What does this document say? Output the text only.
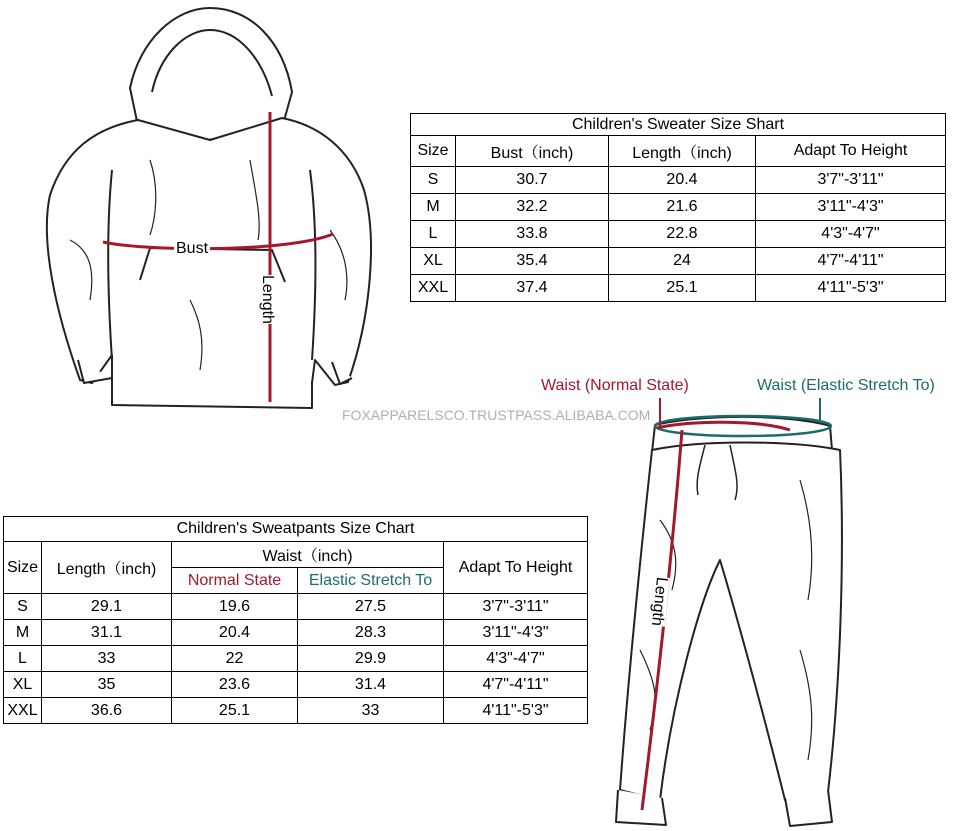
Bust
Length
FOXAPPARELSCO.TRUSTPASS.ALIBABA.COM
Waist (Normal State)	Waist (Elastic Stretch To)
Length
Children's Sweater Size Shart			
Size	Bust（inch)	Length（inch)	Adapt To Height
S	30.7	20.4	3'7"-3'11"
M	32.2	21.6	3'11"-4'3"
L	33.8	22.8	4'3"-4'7"
XL	35.4	24	4'7"-4'11"
XXL	37.4	25.1	4'11"-5'3"
Children's Sweatpants Size Chart				
Size	Length（inch)	Waist（inch)		Adapt To Height
		Normal State	Elastic Stretch To	
S	29.1	19.6	27.5	3'7"-3'11"
M	31.1	20.4	28.3	3'11"-4'3"
L	33	22	29.9	4'3"-4'7"
XL	35	23.6	31.4	4'7"-4'11"
XXL	36.6	25.1	33	4'11"-5'3"
